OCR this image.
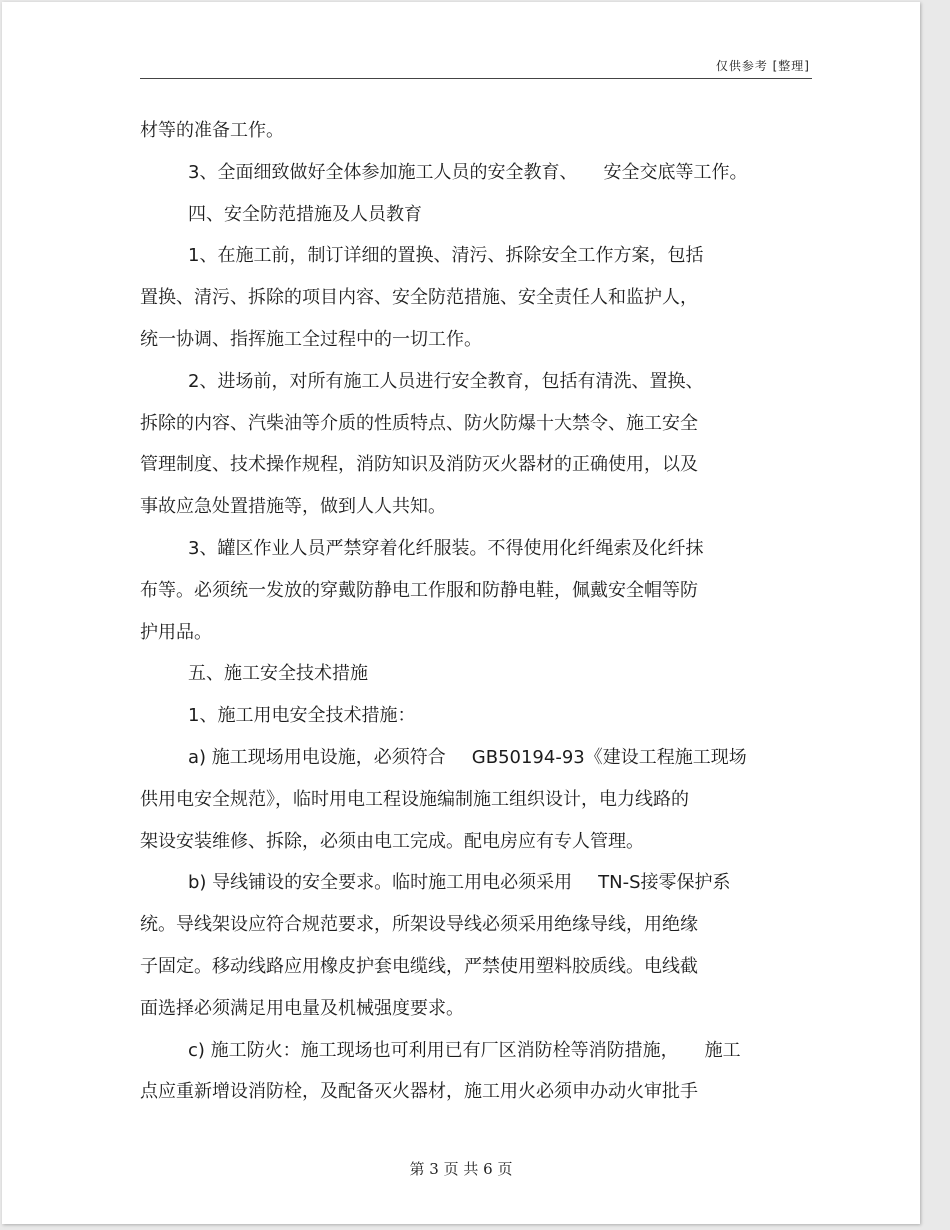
仅供参考 [整理]
材等的准备工作。
3、全面细致做好全体参加施工人员的安全教育、 安全交底等工作。
四、安全防范措施及人员教育
1、在施工前，制订详细的置换、清污、拆除安全工作方案，包括
置换、清污、拆除的项目内容、安全防范措施、安全责任人和监护人，
统一协调、指挥施工全过程中的一切工作。
2、进场前，对所有施工人员进行安全教育，包括有清洗、置换、
拆除的内容、汽柴油等介质的性质特点、防火防爆十大禁令、施工安全
管理制度、技术操作规程，消防知识及消防灭火器材的正确使用，以及
事故应急处置措施等，做到人人共知。
3、罐区作业人员严禁穿着化纤服装。不得使用化纤绳索及化纤抹
布等。必须统一发放的穿戴防静电工作服和防静电鞋，佩戴安全帽等防
护用品。
五、施工安全技术措施
1、施工用电安全技术措施：
a) 施工现场用电设施，必须符合 GB50194-93《建设工程施工现场
供用电安全规范》，临时用电工程设施编制施工组织设计，电力线路的
架设安装维修、拆除，必须由电工完成。配电房应有专人管理。
b) 导线铺设的安全要求。临时施工用电必须采用 TN-S接零保护系
统。导线架设应符合规范要求，所架设导线必须采用绝缘导线，用绝缘
子固定。移动线路应用橡皮护套电缆线，严禁使用塑料胶质线。电线截
面选择必须满足用电量及机械强度要求。
c) 施工防火：施工现场也可利用已有厂区消防栓等消防措施， 施工
点应重新增设消防栓，及配备灭火器材，施工用火必须申办动火审批手
第 3 页 共 6 页
